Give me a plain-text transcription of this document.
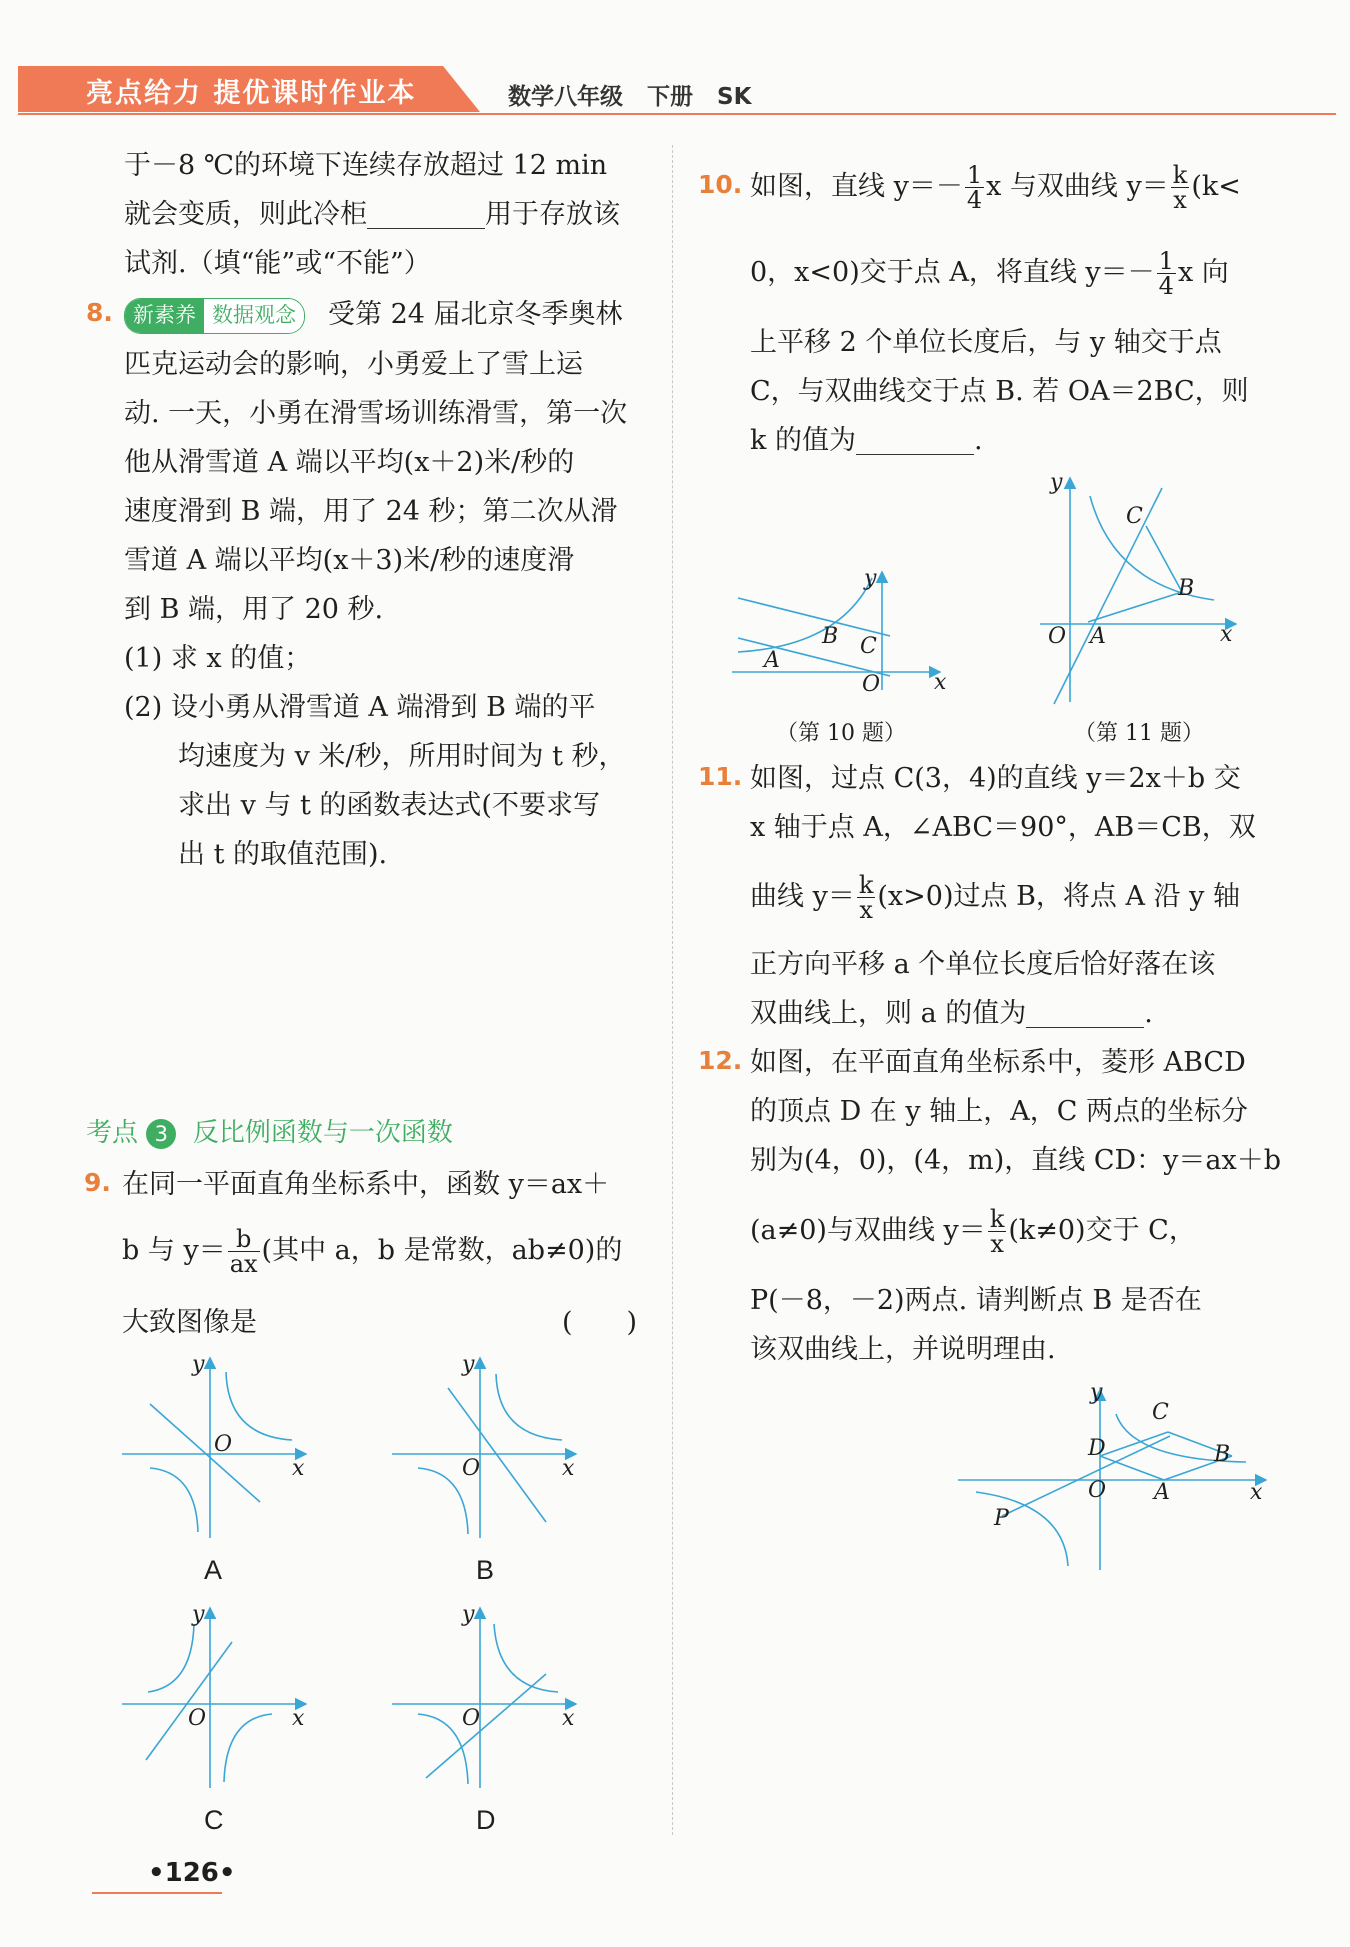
亮点给力 提优课时作业本	数学八年级 下册 SK
于－8 ℃的环境下连续存放超过 12 min
就会变质，则此冷柜	用于存放该
试剂.（填“能”或“不能”）
8. 新素养 数据观念 受第 24 届北京冬季奥林
匹克运动会的影响，小勇爱上了雪上运
动. 一天，小勇在滑雪场训练滑雪，第一次
他从滑雪道 A 端以平均(x＋2)米/秒的
速度滑到 B 端，用了 24 秒；第二次从滑
雪道 A 端以平均(x＋3)米/秒的速度滑
到 B 端，用了 20 秒.
(1) 求 x 的值；
(2) 设小勇从滑雪道 A 端滑到 B 端的平
均速度为 v 米/秒，所用时间为 t 秒，
求出 v 与 t 的函数表达式(不要求写
出 t 的取值范围).
考点 3 反比例函数与一次函数
9. 在同一平面直角坐标系中，函数 y＝ax＋
b 与 $y= \frac{b}{ax}$ (其中 a，b 是常数，ab≠0)的
大致图像是	(　　)
y
x
O
y
x
O
y
x
O
y
x
O
A	B
C	D
10. 如图，直线 $y=- \frac{1}{4}$ x 与双曲线 $y= \frac{k}{x} (k<$
0，x<0)交于点 A，将直线 $y=- \frac{1}{4}$ x 向
上平移 2 个单位长度后，与 y 轴交于点
C，与双曲线交于点 B. 若 OA＝2BC，则
k 的值为	.
y
x
O
A
B C
（第 10 题）
y
x
O A
B
C
（第 11 题）
11. 如图，过点 C(3，4)的直线 y＝2x＋b 交
x 轴于点 A，∠ABC＝90°，AB＝CB，双
曲线 $y= \frac{k}{x} (x>0)$过点 B，将点 A 沿 y 轴
正方向平移 a 个单位长度后恰好落在该
双曲线上，则 a 的值为	.
12. 如图，在平面直角坐标系中，菱形 ABCD
的顶点 D 在 y 轴上，A，C 两点的坐标分
别为(4，0)，(4，m)，直线 CD：y＝ax＋b
(a≠0)与双曲线 $y= \frac{k}{x} (k\ne 0)$交于 C，
P(－8，－2)两点. 请判断点 B 是否在
该双曲线上，并说明理由.
y
x
O A
B
C
D
P
•126•
